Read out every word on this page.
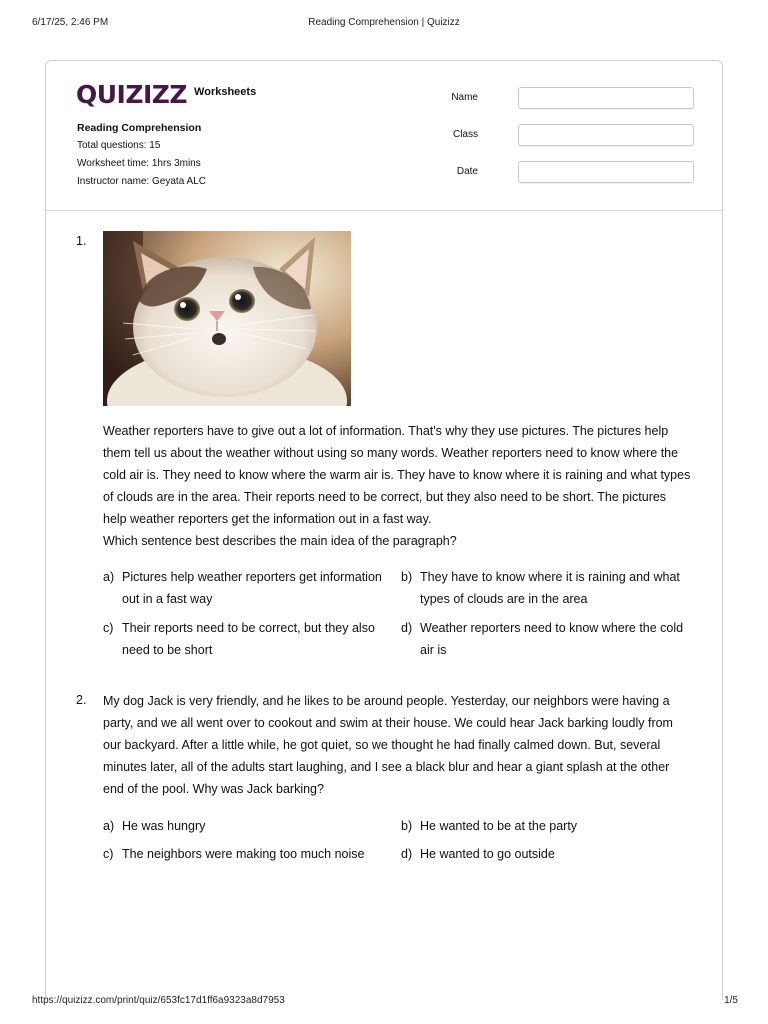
6/17/25, 2:46 PM	Reading Comprehension | Quizizz
QUIZIZZ Worksheets
Reading Comprehension
Total questions: 15
Worksheet time: 1hrs 3mins
Instructor name: Geyata ALC
Name
Class
Date
1.
Weather reporters have to give out a lot of information. That's why they use pictures. The pictures help them tell us about the weather without using so many words. Weather reporters need to know where the cold air is. They need to know where the warm air is. They have to know where it is raining and what types of clouds are in the area. Their reports need to be correct, but they also need to be short. The pictures help weather reporters get the information out in a fast way.
Which sentence best describes the main idea of the paragraph?
a) Pictures help weather reporters get information out in a fast way
b) They have to know where it is raining and what types of clouds are in the area
c) Their reports need to be correct, but they also need to be short
d) Weather reporters need to know where the cold air is
2. My dog Jack is very friendly, and he likes to be around people. Yesterday, our neighbors were having a party, and we all went over to cookout and swim at their house. We could hear Jack barking loudly from our backyard. After a little while, he got quiet, so we thought he had finally calmed down. But, several minutes later, all of the adults start laughing, and I see a black blur and hear a giant splash at the other end of the pool. Why was Jack barking?
a) He was hungry	b) He wanted to be at the party
c) The neighbors were making too much noise	d) He wanted to go outside
https://quizizz.com/print/quiz/653fc17d1ff6a9323a8d7953	1/5
